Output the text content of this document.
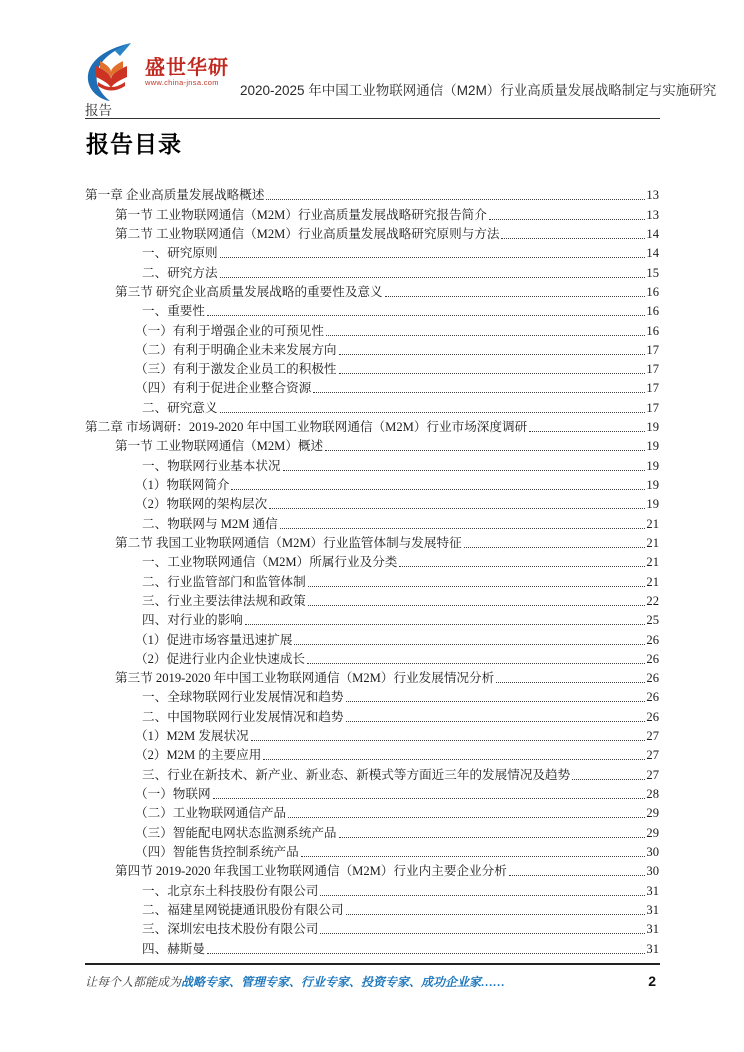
盛世华研
www.china-jnsa.com
2020-2025 年中国工业物联网通信（M2M）行业高质量发展战略制定与实施研究
报告
报告目录
第一章 企业高质量发展战略概述	13
第一节 工业物联网通信（M2M）行业高质量发展战略研究报告简介	13
第二节 工业物联网通信（M2M）行业高质量发展战略研究原则与方法	14
一、研究原则	14
二、研究方法	15
第三节 研究企业高质量发展战略的重要性及意义	16
一、重要性	16
（一）有利于增强企业的可预见性	16
（二）有利于明确企业未来发展方向	17
（三）有利于激发企业员工的积极性	17
（四）有利于促进企业整合资源	17
二、研究意义	17
第二章 市场调研：2019-2020 年中国工业物联网通信（M2M）行业市场深度调研	19
第一节 工业物联网通信（M2M）概述	19
一、物联网行业基本状况	19
（1）物联网简介	19
（2）物联网的架构层次	19
二、物联网与 M2M 通信	21
第二节 我国工业物联网通信（M2M）行业监管体制与发展特征	21
一、工业物联网通信（M2M）所属行业及分类	21
二、行业监管部门和监管体制	21
三、行业主要法律法规和政策	22
四、对行业的影响	25
（1）促进市场容量迅速扩展	26
（2）促进行业内企业快速成长	26
第三节 2019-2020 年中国工业物联网通信（M2M）行业发展情况分析	26
一、全球物联网行业发展情况和趋势	26
二、中国物联网行业发展情况和趋势	26
（1）M2M 发展状况	27
（2）M2M 的主要应用	27
三、行业在新技术、新产业、新业态、新模式等方面近三年的发展情况及趋势	27
（一）物联网	28
（二）工业物联网通信产品	29
（三）智能配电网状态监测系统产品	29
（四）智能售货控制系统产品	30
第四节 2019-2020 年我国工业物联网通信（M2M）行业内主要企业分析	30
一、北京东土科技股份有限公司	31
二、福建星网锐捷通讯股份有限公司	31
三、深圳宏电技术股份有限公司	31
四、赫斯曼	31
让每个人都能成为战略专家、管理专家、行业专家、投资专家、成功企业家……	2
